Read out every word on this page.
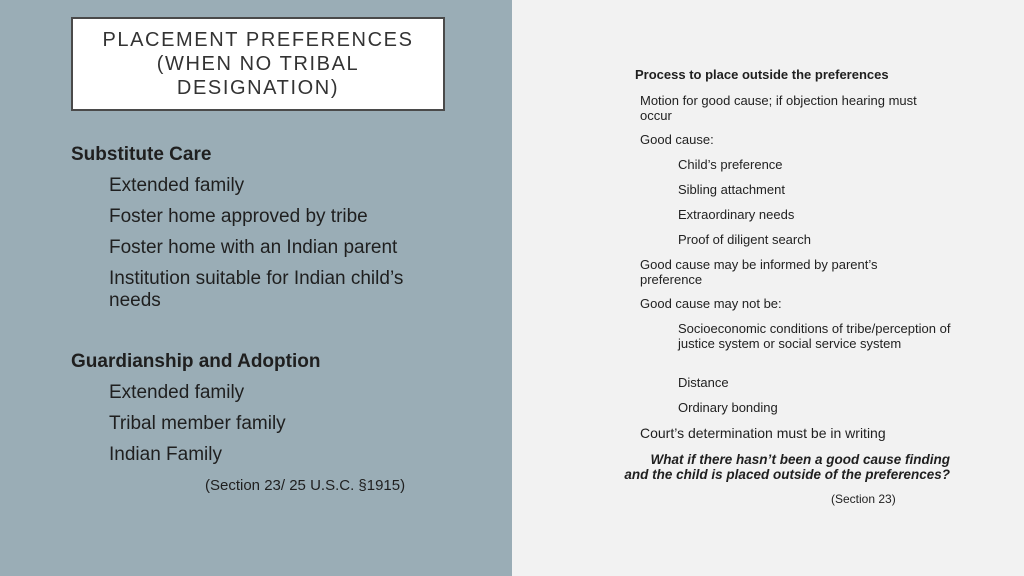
PLACEMENT PREFERENCES (WHEN NO TRIBAL DESIGNATION)
Substitute Care
Extended family
Foster home approved by tribe
Foster home with an Indian parent
Institution suitable for Indian child’s needs
Guardianship and Adoption
Extended family
Tribal member family
Indian Family
(Section 23/ 25 U.S.C. §1915)
Process to place outside the preferences
Motion for good cause; if objection hearing must occur
Good cause:
Child’s preference
Sibling attachment
Extraordinary needs
Proof of diligent search
Good cause may be informed by parent’s preference
Good cause may not be:
Socioeconomic conditions of tribe/perception of justice system or social service system
Distance
Ordinary bonding
Court’s determination must be in writing
What if there hasn’t been a good cause finding
and the child is placed outside of the preferences?
(Section 23)
